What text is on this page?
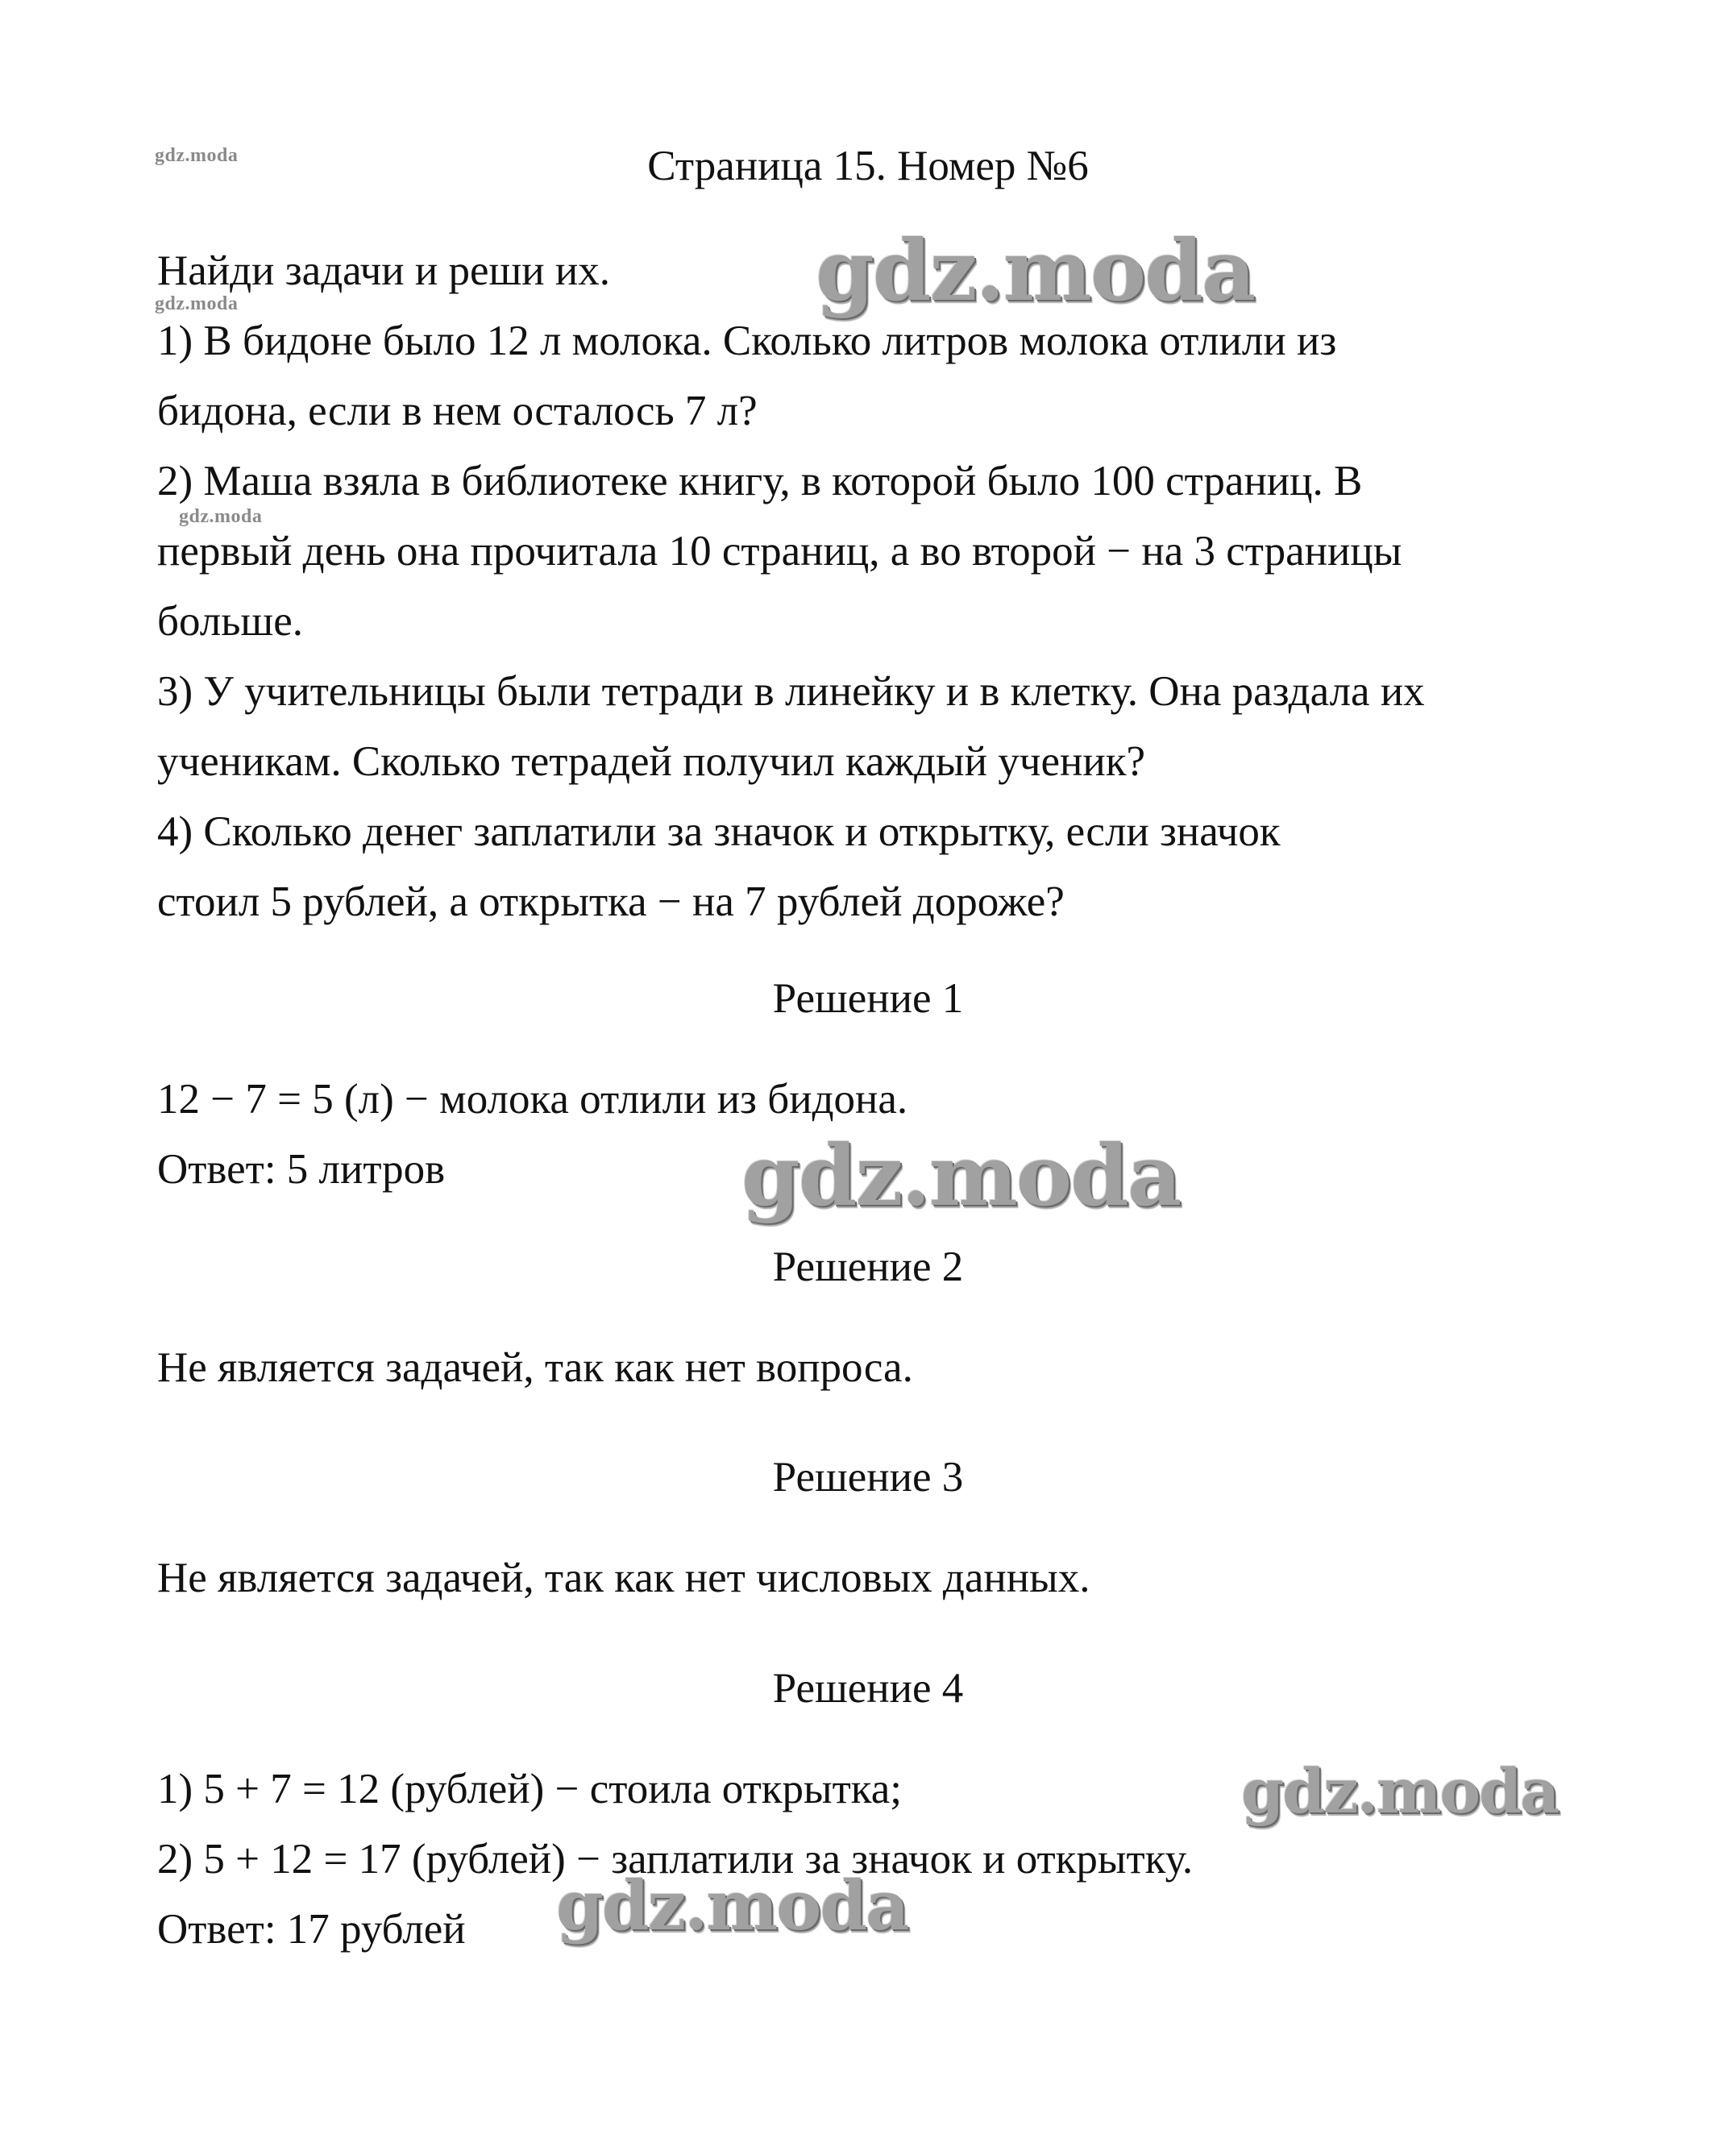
gdz.moda
gdz.moda
gdz.moda
Страница 15. Номер №6
Найди задачи и реши их.
1) В бидоне было 12 л молока. Сколько литров молока отлили из
бидона, если в нем осталось 7 л?
2) Маша взяла в библиотеке книгу, в которой было 100 страниц. В
первый день она прочитала 10 страниц, а во второй − на 3 страницы
больше.
3) У учительницы были тетради в линейку и в клетку. Она раздала их
ученикам. Сколько тетрадей получил каждый ученик?
4) Сколько денег заплатили за значок и открытку, если значок
стоил 5 рублей, а открытка − на 7 рублей дороже?
Решение 1
12 − 7 = 5 (л) − молока отлили из бидона.
Ответ: 5 литров
Решение 2
Не является задачей, так как нет вопроса.
Решение 3
Не является задачей, так как нет числовых данных.
Решение 4
1) 5 + 7 = 12 (рублей) − стоила открытка;
2) 5 + 12 = 17 (рублей) − заплатили за значок и открытку.
Ответ: 17 рублей
gdz.moda
gdz.moda
gdz.moda
gdz.moda
